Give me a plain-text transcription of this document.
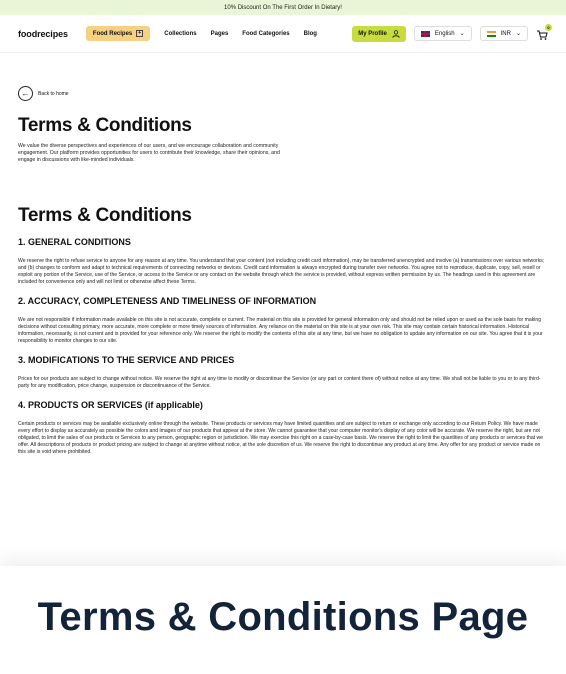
10% Discount On The First Order In Dietary!
foodrecipes	Food Recipes	+	Collections Pages Food Categories Blog	My Profile	English ⌄	INR ⌄
0
←	Back to home
Terms & Conditions

We value the diverse perspectives and experiences of our users, and we encourage collaboration and community engagement. Our platform provides opportunities for users to contribute their knowledge, share their opinions, and engage in discussions with like-minded individuals.

Terms & Conditions
1. GENERAL CONDITIONS

We reserve the right to refuse service to anyone for any reason at any time. You understand that your content (not including credit card information), may be transferred unencrypted and involve (a) transmissions over various networks; and (b) changes to conform and adapt to technical requirements of connecting networks or devices. Credit card information is always encrypted during transfer over networks. You agree not to reproduce, duplicate, copy, sell, resell or exploit any portion of the Service, use of the Service, or access to the Service or any contact on the website through which the service is provided, without express written permission by us. The headings used in this agreement are included for convenience only and will not limit or otherwise affect these Terms.

2. ACCURACY, COMPLETENESS AND TIMELINESS OF INFORMATION

We are not responsible if information made available on this site is not accurate, complete or current. The material on this site is provided for general information only and should not be relied upon or used as the sole basis for making decisions without consulting primary, more accurate, more complete or more timely sources of information. Any reliance on the material on this site is at your own risk. This site may contain certain historical information. Historical information, necessarily, is not current and is provided for your reference only. We reserve the right to modify the contents of this site at any time, but we have no obligation to update any information on our site. You agree that it is your responsibility to monitor changes to our site.

3. MODIFICATIONS TO THE SERVICE AND PRICES

Prices for our products are subject to change without notice. We reserve the right at any time to modify or discontinue the Service (or any part or content there of) without notice at any time. We shall not be liable to you or to any third-party for any modification, price change, suspension or discontinuance of the Service.

4. PRODUCTS OR SERVICES (if applicable)

Certain products or services may be available exclusively online through the website. These products or services may have limited quantities and are subject to return or exchange only according to our Return Policy. We have made every effort to display as accurately as possible the colors and images of our products that appear at the store. We cannot guarantee that your computer monitor's display of any color will be accurate. We reserve the right, but are not obligated, to limit the sales of our products or Services to any person, geographic region or jurisdiction. We may exercise this right on a case-by-case basis. We reserve the right to limit the quantities of any products or services that we offer. All descriptions of products or product pricing are subject to change at anytime without notice, at the sole discretion of us. We reserve the right to discontinue any product at any time. Any offer for any product or service made on this site is void where prohibited.

Terms & Conditions Page
